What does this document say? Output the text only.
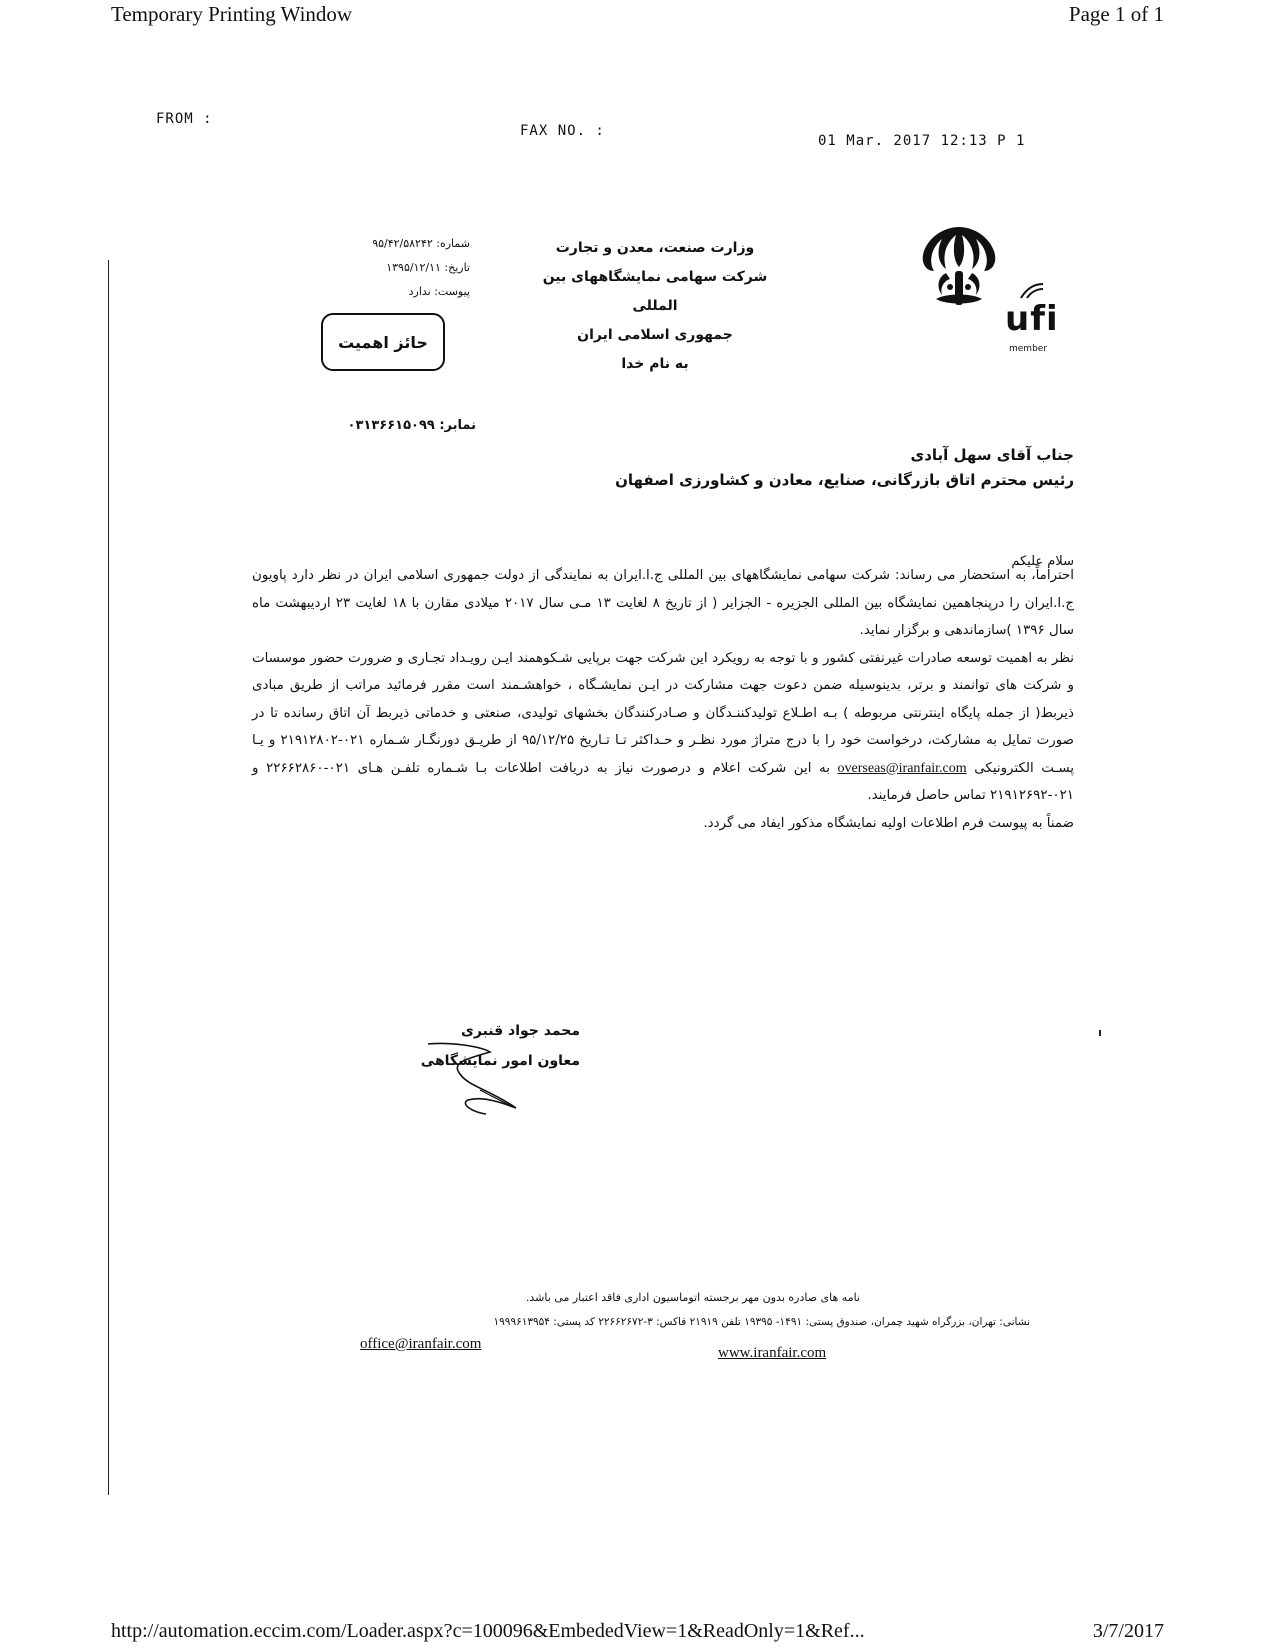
Temporary Printing Window	Page 1 of 1
FROM :
FAX NO. :
01 Mar. 2017 12:13 P 1
ufi
member
وزارت صنعت، معدن و تجارت
شرکت سهامی نمایشگاههای بین المللی
جمهوری اسلامی ایران
به نام خدا
شماره: ۹۵/۴۲/۵۸۲۴۲
تاریخ: ۱۳۹۵/۱۲/۱۱
پیوست: ندارد
حائز اهمیت
نمابر: ۰۳۱۳۶۶۱۵۰۹۹
جناب آقای سهل آبادی
رئیس محترم اتاق بازرگانی، صنایع، معادن و کشاورزی اصفهان
سلام علیکم
احتراماً، به استحضار می رساند: شرکت سهامی نمایشگاههای بین المللی ج.ا.ایران به نمایندگی از دولت جمهوری اسلامی ایران در نظر دارد پاویون ج.ا.ایران را درپنجاهمین نمایشگاه بین المللی الجزیره - الجزایر ( از تاریخ ۸ لغایت ۱۳ مـی سال ۲۰۱۷ میلادی مقارن با ۱۸ لغایت ۲۳ اردیبهشت ماه سال ۱۳۹۶ )سازماندهی و برگزار نماید.
نظر به اهمیت توسعه صادرات غیرنفتی کشور و با توجه به رویکرد این شرکت جهت برپایی شـکوهمند ایـن رویـداد تجـاری و ضرورت حضور موسسات و شرکت های توانمند و برتر، بدینوسیله ضمن دعوت جهت مشارکت در ایـن نمایشـگاه ، خواهشـمند است مقرر فرمائید مراتب از طریق مبادی ذیربط( از جمله پایگاه اینترنتی مربوطه ) بـه اطـلاع تولیدکننـدگان و صـادرکنندگان بخشهای تولیدی، صنعتی و خدماتی ذیربط آن اتاق رسانده تا در صورت تمایل به مشارکت، درخواست خود را با درج متراژ مورد نظـر و حـداکثر تـا تـاریخ ۹۵/۱۲/۲۵ از طریـق دورنگـار شـماره ۰۲۱-۲۱۹۱۲۸۰۲ و یـا پسـت الکترونیکی overseas@iranfair.com به این شرکت اعلام و درصورت نیاز به دریافت اطلاعات بـا شـماره تلفـن هـای ۰۲۱-۲۲۶۶۲۸۶۰ و ۰۲۱-۲۱۹۱۲۶۹۲ تماس حاصل فرمایند.
ضمناً به پیوست فرم اطلاعات اولیه نمایشگاه مذکور ایفاد می گردد.
محمد جواد قنبری
معاون امور نمایشگاهی
نامه های صادره بدون مهر برجسته اتوماسیون اداری فاقد اعتبار می باشد.
نشانی: تهران، بزرگراه شهید چمران، صندوق پستی: ۱۴۹۱- ۱۹۳۹۵ تلفن ۲۱۹۱۹ فاکس: ۳-۲۲۶۶۲۶۷۲ کد پستی: ۱۹۹۹۶۱۳۹۵۴
office@iranfair.com
www.iranfair.com
http://automation.eccim.com/Loader.aspx?c=100096&EmbededView=1&ReadOnly=1&Ref...	3/7/2017
